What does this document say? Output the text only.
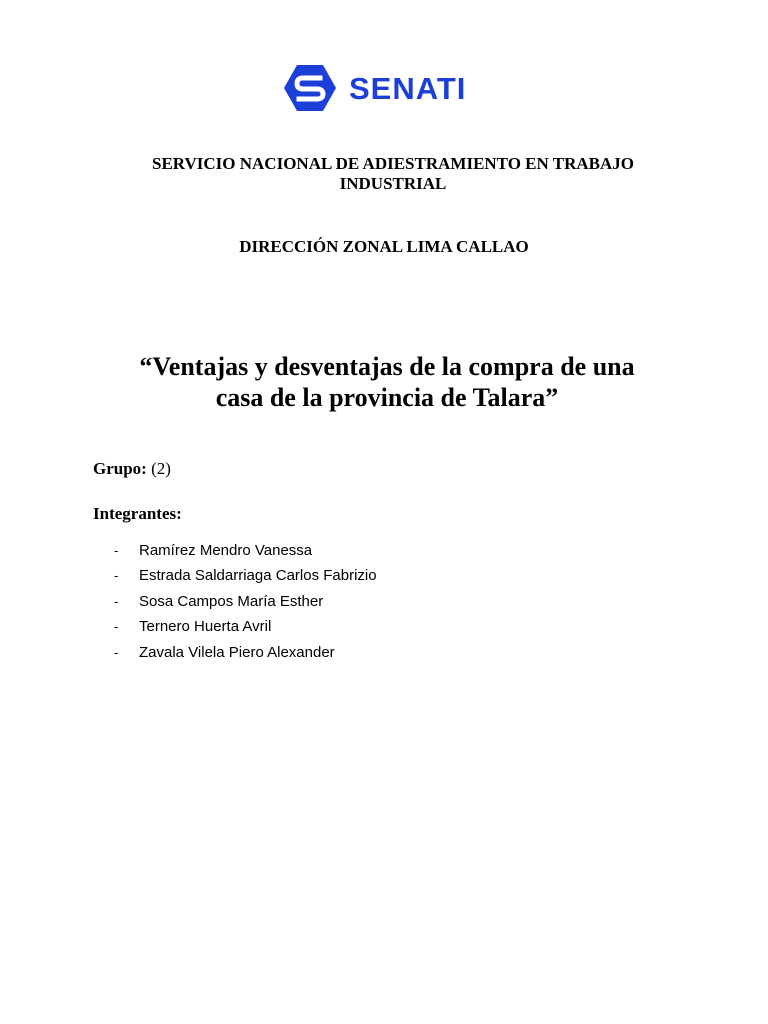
SENATI
SERVICIO NACIONAL DE ADIESTRAMIENTO EN TRABAJO INDUSTRIAL
DIRECCIÓN ZONAL LIMA CALLAO
“Ventajas y desventajas de la compra de una
casa de la provincia de Talara”
Grupo: (2)
Integrantes:
-	Ramírez Mendro Vanessa
-	Estrada Saldarriaga Carlos Fabrizio
-	Sosa Campos María Esther
-	Ternero Huerta Avril
-	Zavala Vilela Piero Alexander
